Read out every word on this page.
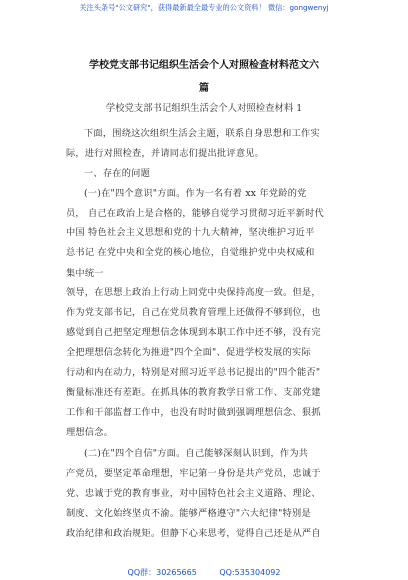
关注头条号"公文研究"，获得最新最全最专业的公文资料！ 微信：gongwenyj
学校党支部书记组织生活会个人对照检查材料范文六
篇

学校党支部书记组织生活会个人对照检查材料 1

下面，围绕这次组织生活会主题，联系自身思想和工作实

际，进行对照检查，并请同志们提出批评意见。

一、存在的问题

(一)在"四个意识"方面。作为一名有着 xx 年党龄的党

员， 自己在政治上是合格的，能够自觉学习贯彻习近平新时代

中国 特色社会主义思想和党的十九大精神，坚决维护习近平

总书记 在党中央和全党的核心地位，自觉维护党中央权威和

集中统一

领导，在思想上政治上行动上同党中央保持高度一致。但是，

作为党支部书记，自己在党员教育管理上还做得不够到位，也

感觉到自己把坚定理想信念体现到本职工作中还不够，没有完

全把理想信念转化为推进"四个全面"、促进学校发展的实际

行动和内在动力，特别是对照习近平总书记提出的"四个能否"

衡量标准还有差距。在抓具体的教育教学日常工作、支部党建

工作和干部监督工作中，也没有时时做到强调理想信念、狠抓

理想信念。

(二)在"四个自信"方面。自己能够深刻认识到，作为共

产党员，要坚定革命理想，牢记第一身份是共产党员，忠诚于

党、忠诚于党的教育事业，对中国特色社会主义道路、理论、

制度、文化始终坚贞不渝。能够严格遵守"六大纪律"特别是

政治纪律和政治规矩。但静下心来思考，觉得自己还是从严自

QQ群：30265665	QQ:535304092
